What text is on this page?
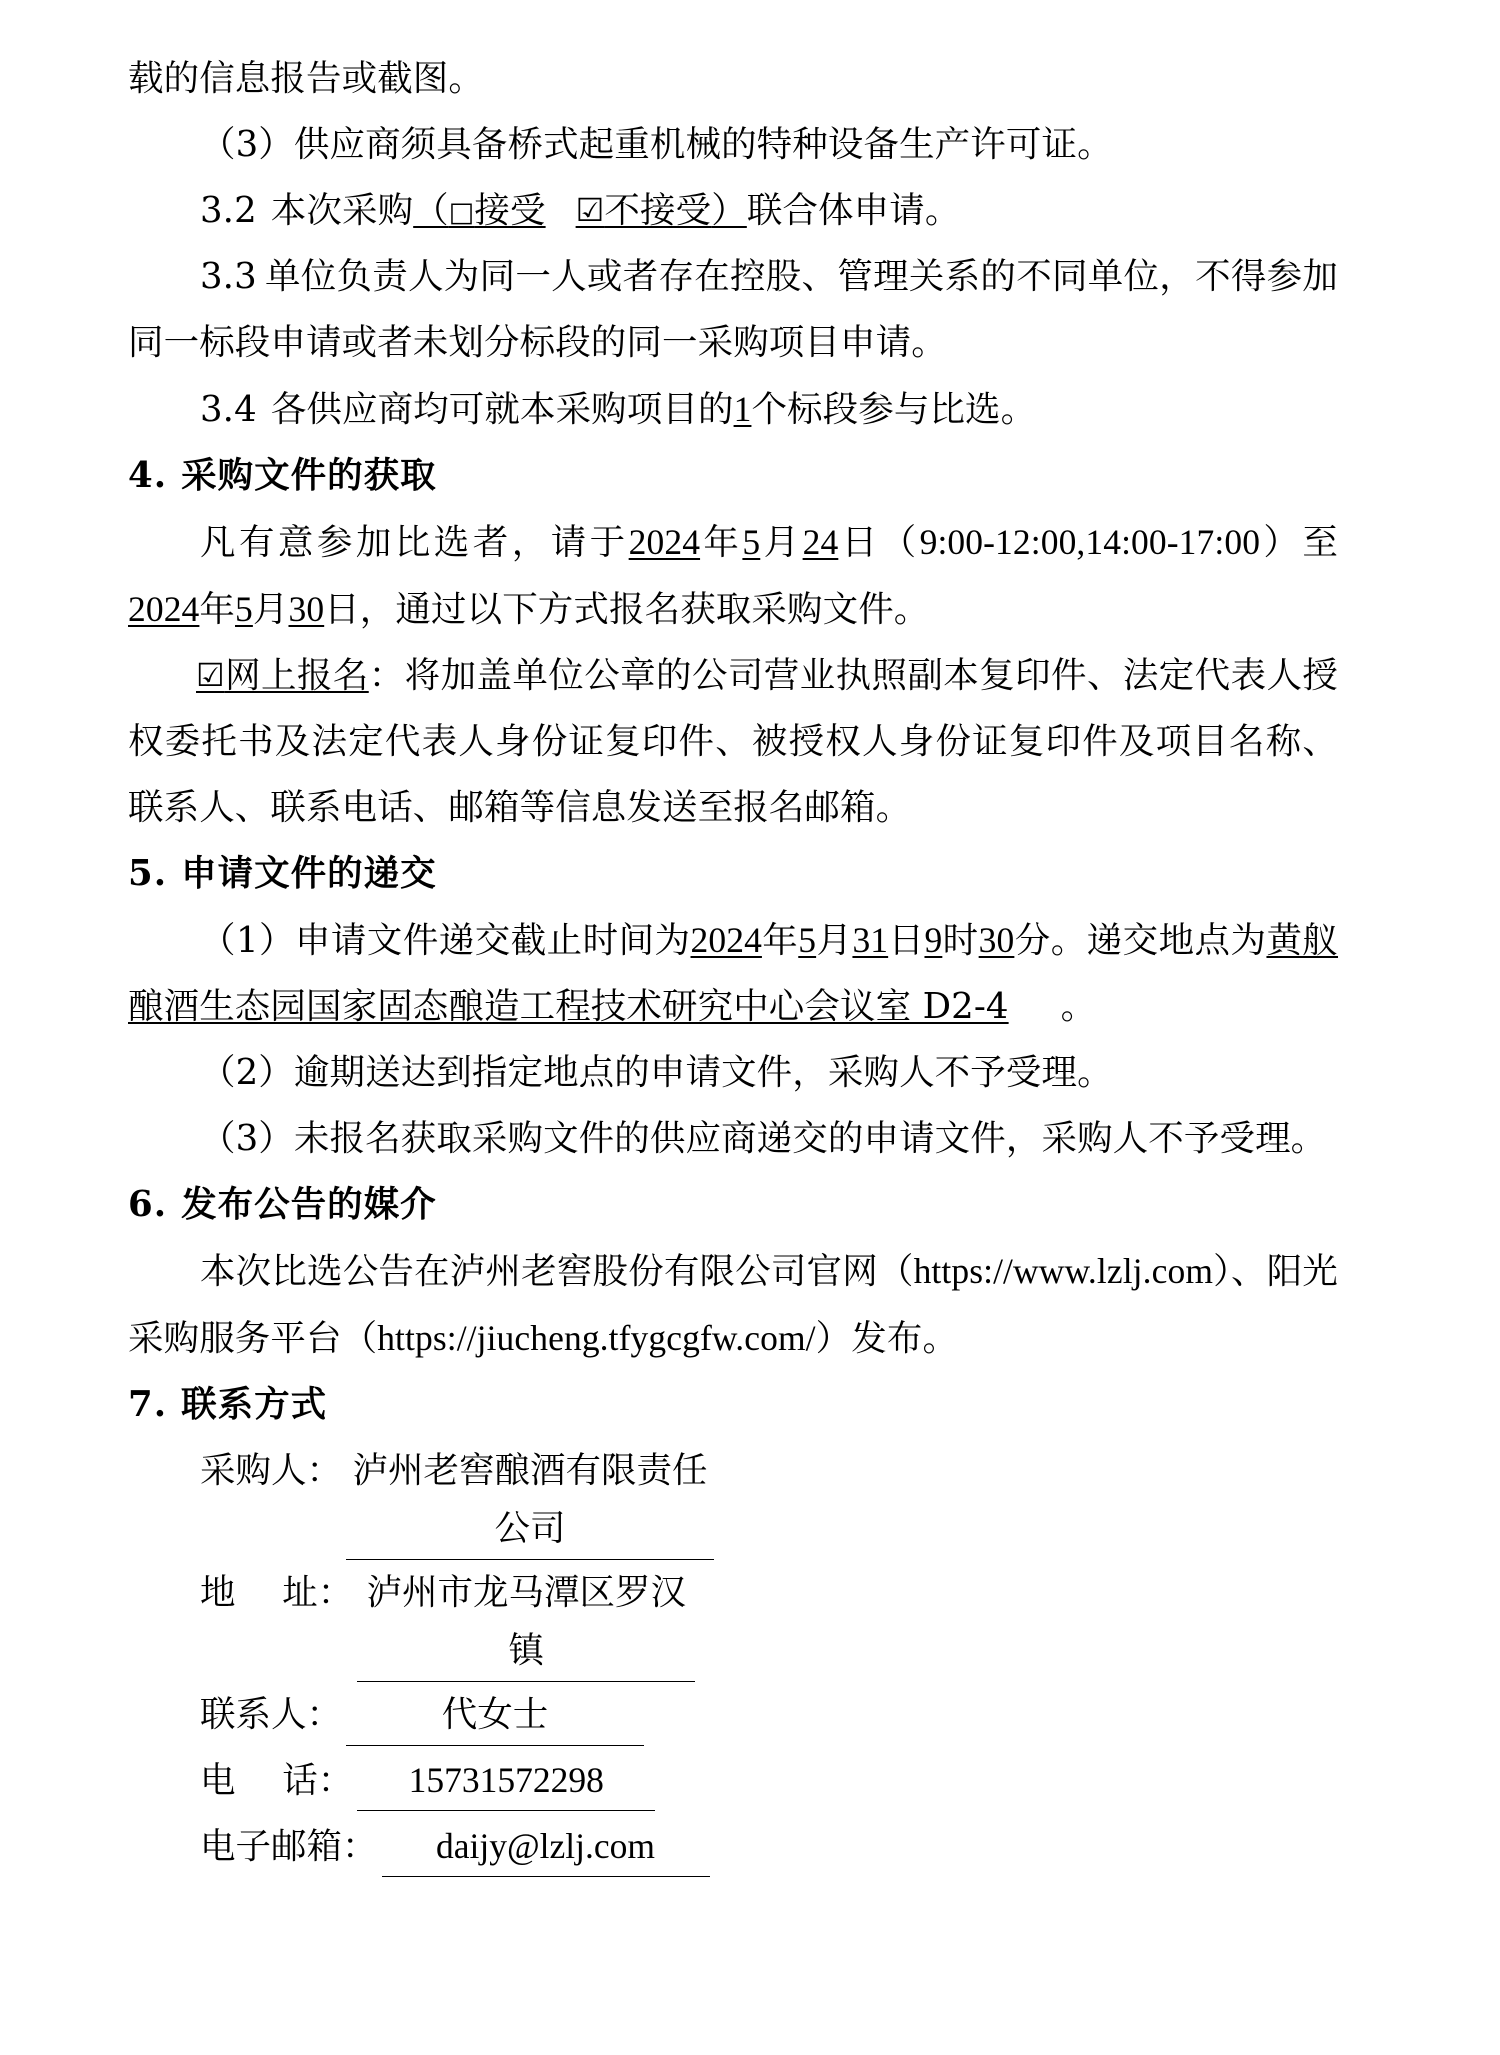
载的信息报告或截图。

（3）供应商须具备桥式起重机械的特种设备生产许可证。

3.2 本次采购（□接受 ☑不接受）联合体申请。

3.3 单位负责人为同一人或者存在控股、管理关系的不同单位，不得参加同一标段申请或者未划分标段的同一采购项目申请。

3.4 各供应商均可就本采购项目的1个标段参与比选。

4. 采购文件的获取

凡有意参加比选者，请于2024年5月24日（9:00-12:00,14:00-17:00）至2024年5月30日，通过以下方式报名获取采购文件。

☑网上报名：将加盖单位公章的公司营业执照副本复印件、法定代表人授权委托书及法定代表人身份证复印件、被授权人身份证复印件及项目名称、联系人、联系电话、邮箱等信息发送至报名邮箱。

5. 申请文件的递交

（1）申请文件递交截止时间为2024年5月31日9时30分。递交地点为黄舣酿酒生态园国家固态酿造工程技术研究中心会议室 D2-4 。

（2）逾期送达到指定地点的申请文件，采购人不予受理。

（3）未报名获取采购文件的供应商递交的申请文件，采购人不予受理。

6. 发布公告的媒介

本次比选公告在泸州老窖股份有限公司官网（https://www.lzlj.com）、阳光采购服务平台（https://jiucheng.tfygcgfw.com/）发布。

7. 联系方式

采购人： 泸州老窖酿酒有限责任公司
地　 址： 泸州市龙马潭区罗汉镇
联系人：	代女士
电　 话：	15731572298
电子邮箱：	daijy@lzlj.com
